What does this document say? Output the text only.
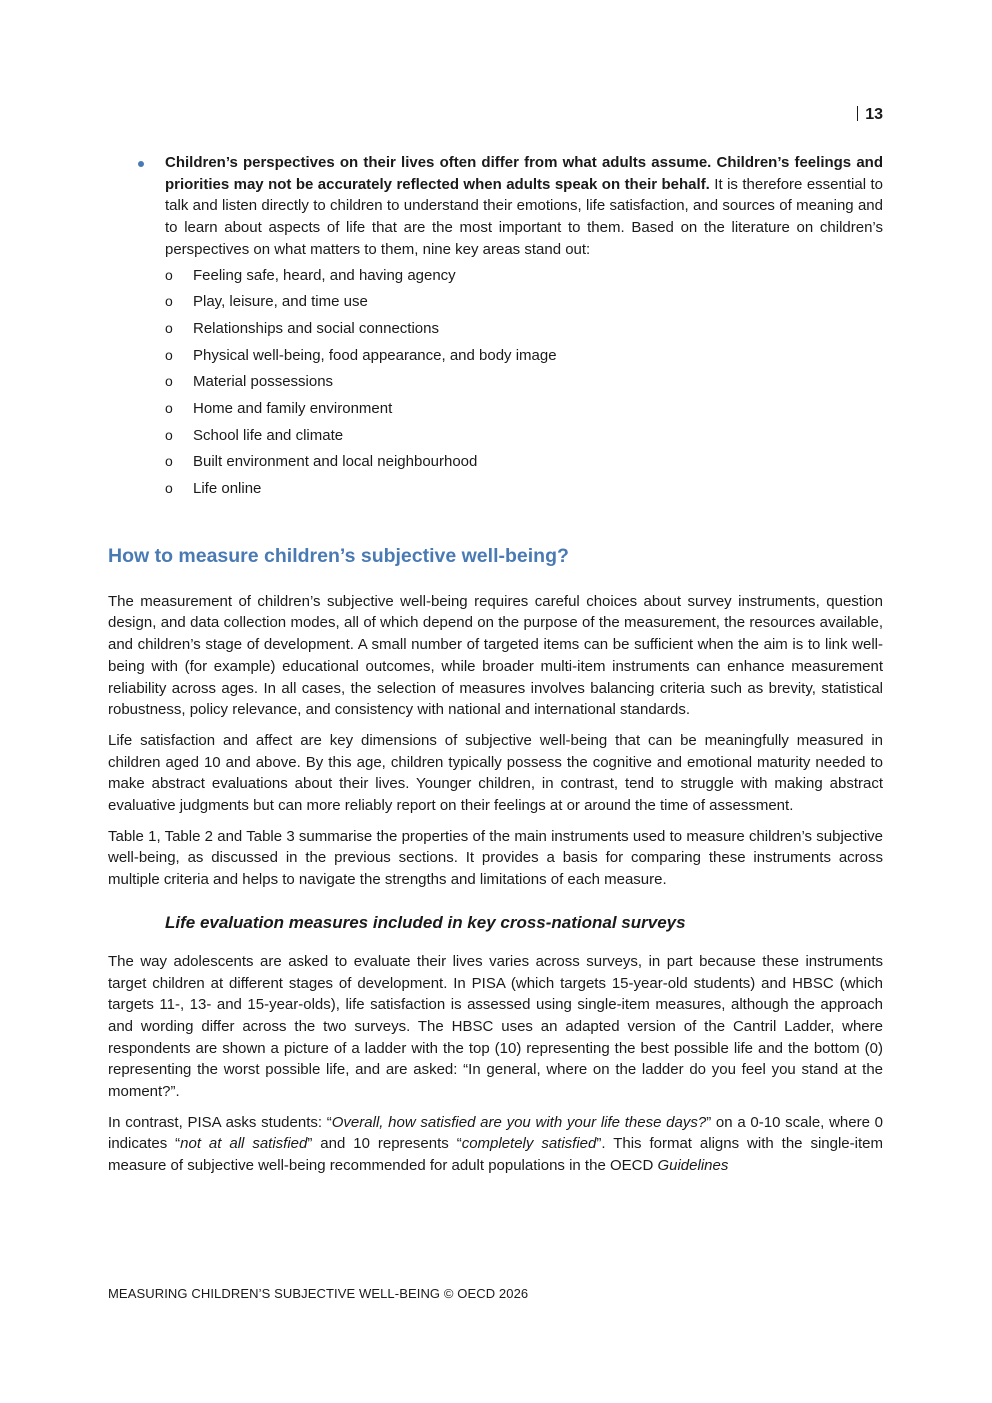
13

Children’s perspectives on their lives often differ from what adults assume. Children’s feelings and priorities may not be accurately reflected when adults speak on their behalf. It is therefore essential to talk and listen directly to children to understand their emotions, life satisfaction, and sources of meaning and to learn about aspects of life that are the most important to them. Based on the literature on children’s perspectives on what matters to them, nine key areas stand out:

o Feeling safe, heard, and having agency
o Play, leisure, and time use
o Relationships and social connections
o Physical well-being, food appearance, and body image
o Material possessions
o Home and family environment
o School life and climate
o Built environment and local neighbourhood
o Life online
How to measure children’s subjective well-being?

The measurement of children’s subjective well-being requires careful choices about survey instruments, question design, and data collection modes, all of which depend on the purpose of the measurement, the resources available, and children’s stage of development. A small number of targeted items can be sufficient when the aim is to link well-being with (for example) educational outcomes, while broader multi-item instruments can enhance measurement reliability across ages. In all cases, the selection of measures involves balancing criteria such as brevity, statistical robustness, policy relevance, and consistency with national and international standards.

Life satisfaction and affect are key dimensions of subjective well-being that can be meaningfully measured in children aged 10 and above. By this age, children typically possess the cognitive and emotional maturity needed to make abstract evaluations about their lives. Younger children, in contrast, tend to struggle with making abstract evaluative judgments but can more reliably report on their feelings at or around the time of assessment.

Table 1, Table 2 and Table 3 summarise the properties of the main instruments used to measure children’s subjective well-being, as discussed in the previous sections. It provides a basis for comparing these instruments across multiple criteria and helps to navigate the strengths and limitations of each measure.

Life evaluation measures included in key cross-national surveys

The way adolescents are asked to evaluate their lives varies across surveys, in part because these instruments target children at different stages of development. In PISA (which targets 15-year-old students) and HBSC (which targets 11-, 13- and 15-year-olds), life satisfaction is assessed using single-item measures, although the approach and wording differ across the two surveys. The HBSC uses an adapted version of the Cantril Ladder, where respondents are shown a picture of a ladder with the top (10) representing the best possible life and the bottom (0) representing the worst possible life, and are asked: “In general, where on the ladder do you feel you stand at the moment?”.

In contrast, PISA asks students: “Overall, how satisfied are you with your life these days?” on a 0-10 scale, where 0 indicates “not at all satisfied” and 10 represents “completely satisfied”. This format aligns with the single-item measure of subjective well-being recommended for adult populations in the OECD Guidelines

MEASURING CHILDREN’S SUBJECTIVE WELL-BEING © OECD 2026
